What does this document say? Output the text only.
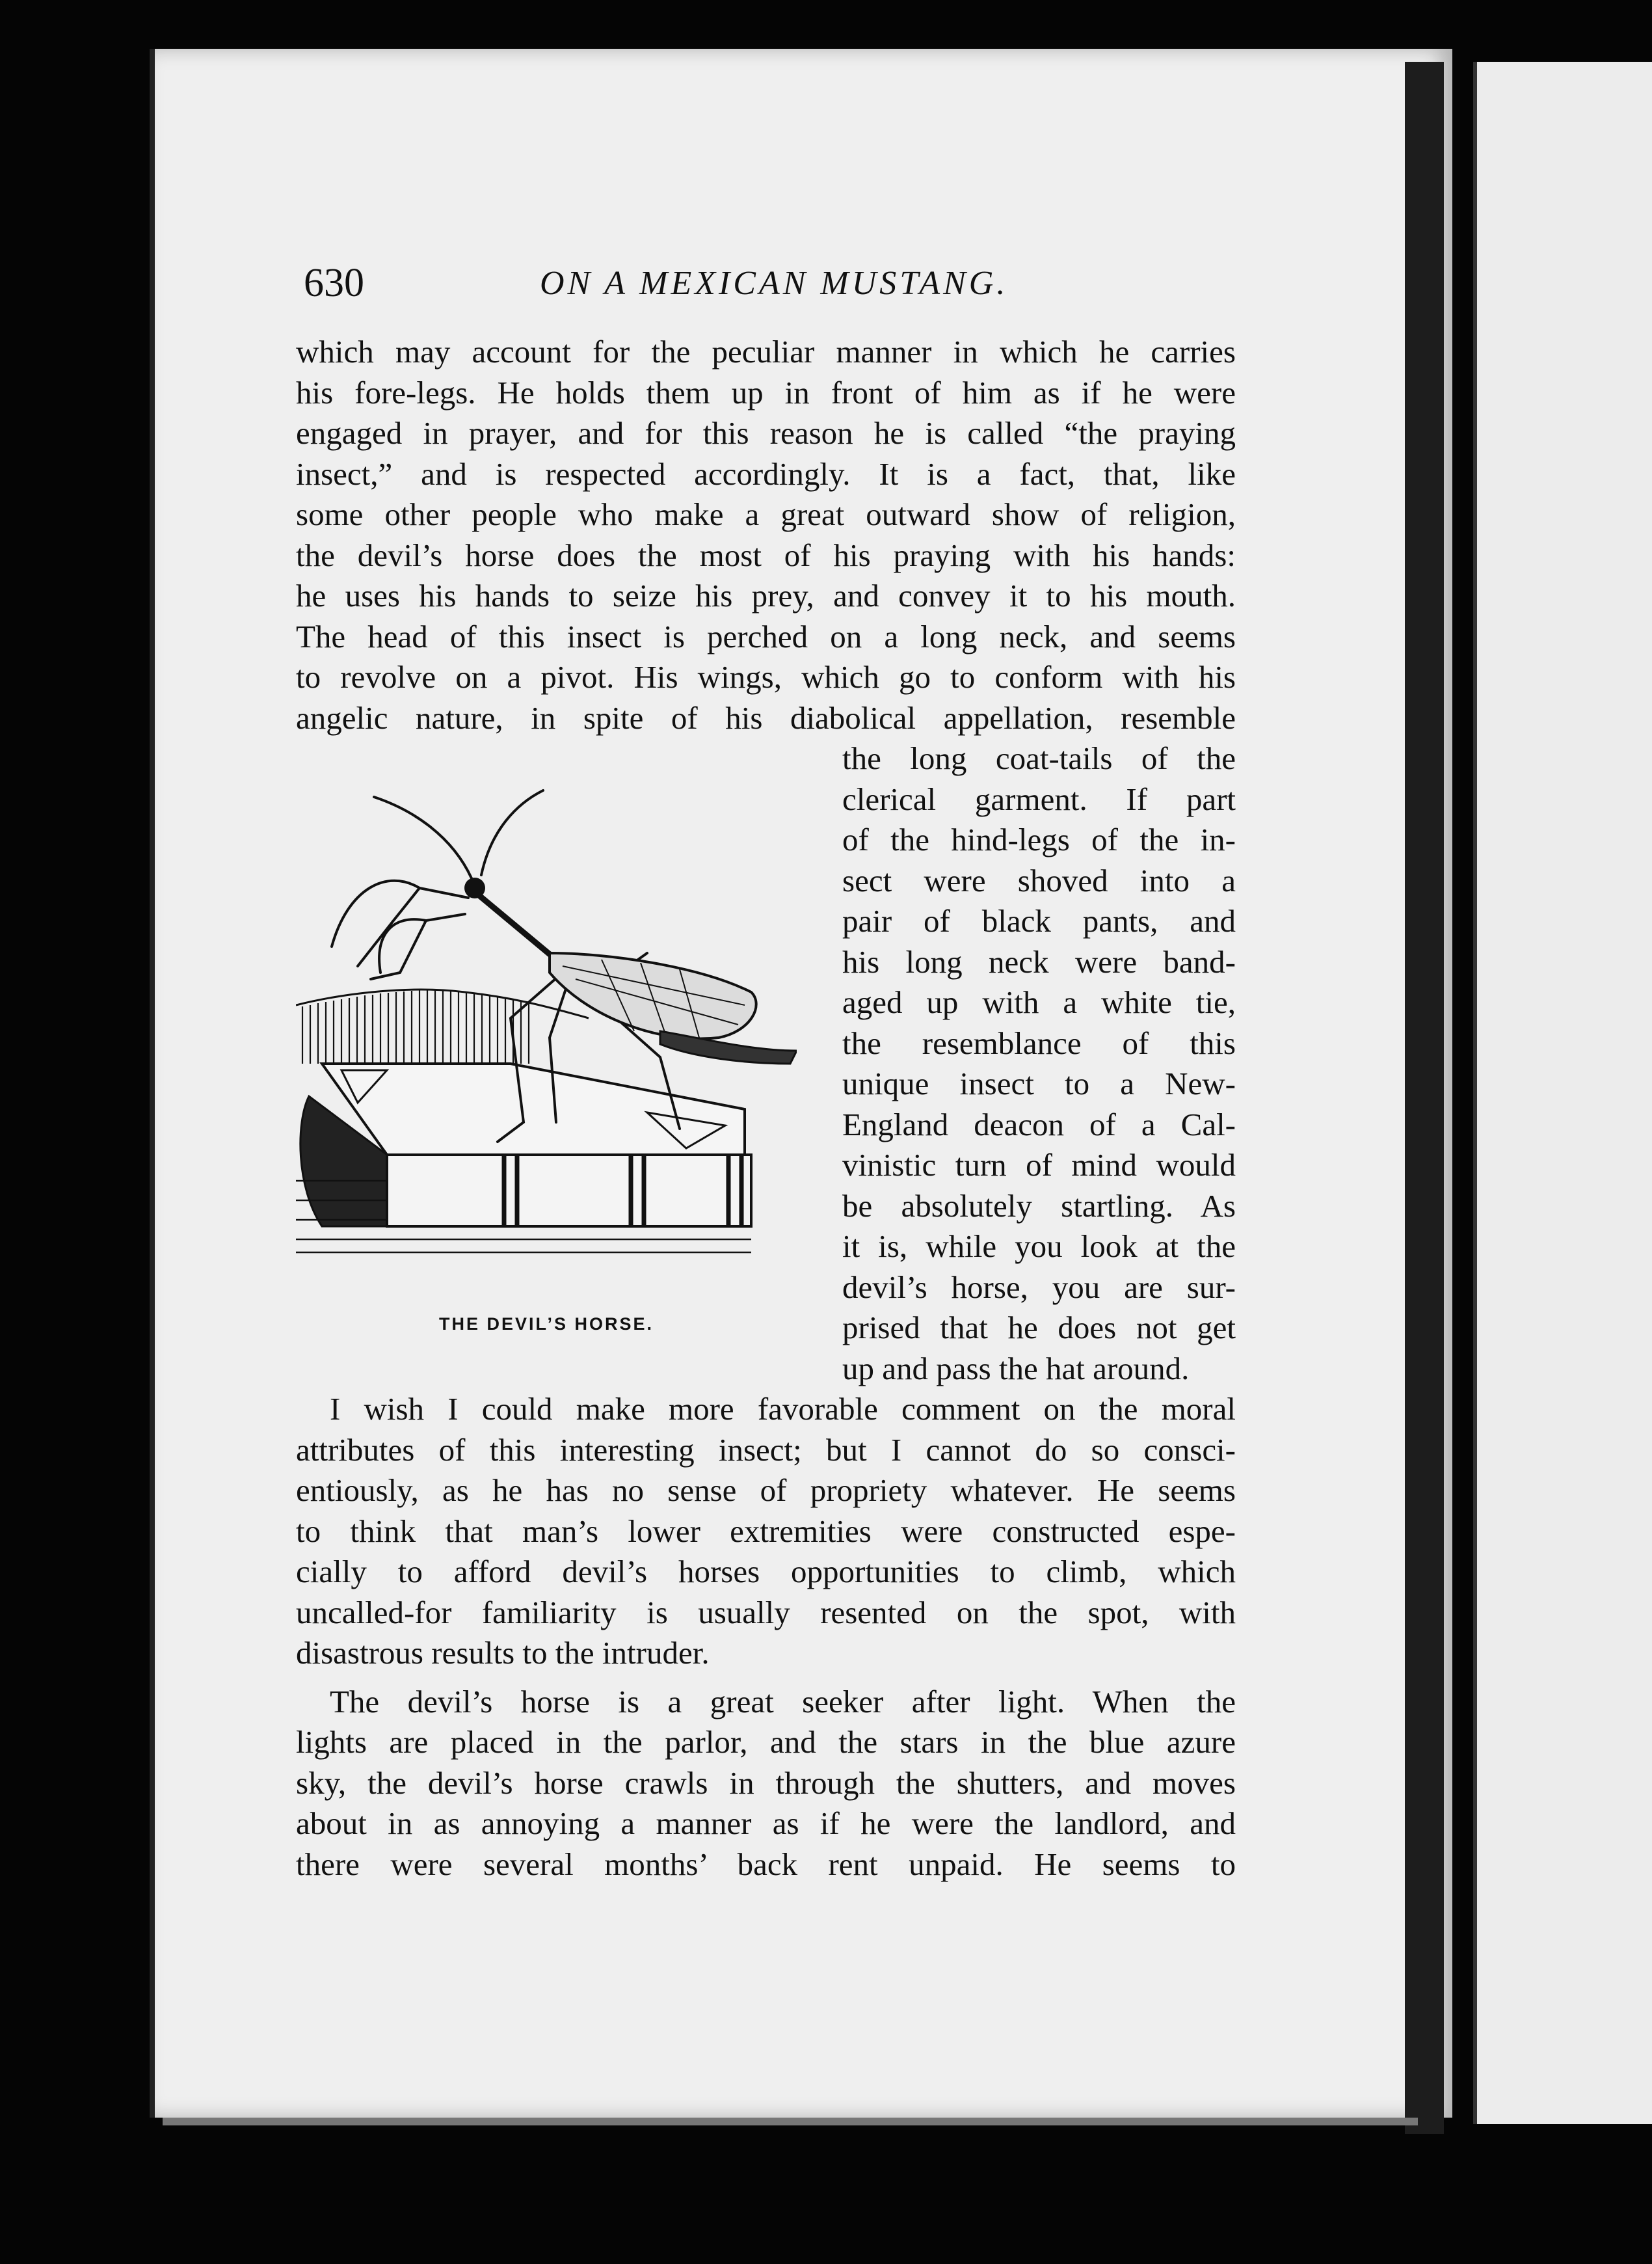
630	ON A MEXICAN MUSTANG.
which may account for the peculiar manner in which he carries
his fore-legs. He holds them up in front of him as if he were
engaged in prayer, and for this reason he is called “the praying
insect,” and is respected accordingly. It is a fact, that, like
some other people who make a great outward show of religion,
the devil’s horse does the most of his praying with his hands:
he uses his hands to seize his prey, and convey it to his mouth.
The head of this insect is perched on a long neck, and seems
to revolve on a pivot. His wings, which go to conform with his
angelic nature, in spite of his diabolical appellation, resemble
THE DEVIL’S HORSE.
the long coat-tails of the
clerical garment. If part
of the hind-legs of the in-
sect were shoved into a
pair of black pants, and
his long neck were band-
aged up with a white tie,
the resemblance of this
unique insect to a New-
England deacon of a Cal-
vinistic turn of mind would
be absolutely startling. As
it is, while you look at the
devil’s horse, you are sur-
prised that he does not get
up and pass the hat around.
I wish I could make more favorable comment on the moral
attributes of this interesting insect; but I cannot do so consci-
entiously, as he has no sense of propriety whatever. He seems
to think that man’s lower extremities were constructed espe-
cially to afford devil’s horses opportunities to climb, which
uncalled-for familiarity is usually resented on the spot, with
disastrous results to the intruder.
The devil’s horse is a great seeker after light. When the
lights are placed in the parlor, and the stars in the blue azure
sky, the devil’s horse crawls in through the shutters, and moves
about in as annoying a manner as if he were the landlord, and
there were several months’ back rent unpaid. He seems to
